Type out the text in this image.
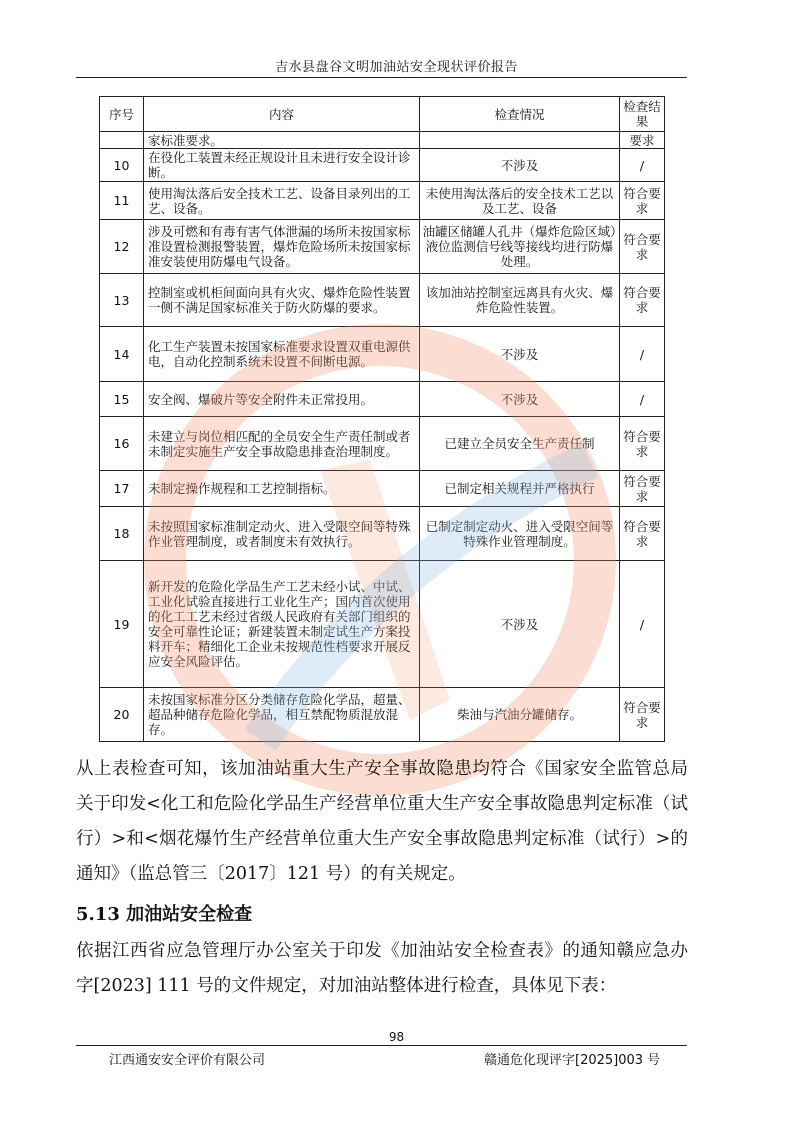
吉水县盘谷文明加油站安全现状评价报告
序号	内容	检查情况	检查结果
	家标准要求。		要求
10	在役化工装置未经正规设计且未进行安全设计诊断。	不涉及	/
11	使用淘汰落后安全技术工艺、设备目录列出的工艺、设备。	未使用淘汰落后的安全技术工艺以及工艺、设备	符合要求
12	涉及可燃和有毒有害气体泄漏的场所未按国家标准设置检测报警装置，爆炸危险场所未按国家标准安装使用防爆电气设备。	油罐区储罐人孔井（爆炸危险区域）液位监测信号线等接线均进行防爆处理。	符合要求
13	控制室或机柜间面向具有火灾、爆炸危险性装置一侧不满足国家标准关于防火防爆的要求。	该加油站控制室远离具有火灾、爆炸危险性装置。	符合要求
14	化工生产装置未按国家标准要求设置双重电源供电，自动化控制系统未设置不间断电源。	不涉及	/
15	安全阀、爆破片等安全附件未正常投用。	不涉及	/
16	未建立与岗位相匹配的全员安全生产责任制或者未制定实施生产安全事故隐患排查治理制度。	已建立全员安全生产责任制	符合要求
17	未制定操作规程和工艺控制指标。	已制定相关规程并严格执行	符合要求
18	未按照国家标准制定动火、进入受限空间等特殊作业管理制度，或者制度未有效执行。	已制定制定动火、进入受限空间等特殊作业管理制度。	符合要求
19	新开发的危险化学品生产工艺未经小试、中试、工业化试验直接进行工业化生产；国内首次使用的化工工艺未经过省级人民政府有关部门组织的安全可靠性论证；新建装置未制定试生产方案投料开车；精细化工企业未按规范性档要求开展反应安全风险评估。	不涉及	/
20	未按国家标准分区分类储存危险化学品，超量、超品种储存危险化学品，相互禁配物质混放混存。	柴油与汽油分罐储存。	符合要求
从上表检查可知，该加油站重大生产安全事故隐患均符合《国家安全监管总局关于印发<化工和危险化学品生产经营单位重大生产安全事故隐患判定标准（试行）>和<烟花爆竹生产经营单位重大生产安全事故隐患判定标准（试行）>的通知》（监总管三〔2017〕121 号）的有关规定。
5.13 加油站安全检查
依据江西省应急管理厅办公室关于印发《加油站安全检查表》的通知赣应急办字[2023] 111 号的文件规定，对加油站整体进行检查，具体见下表：
98
江西通安安全评价有限公司	赣通危化现评字[2025]003 号
